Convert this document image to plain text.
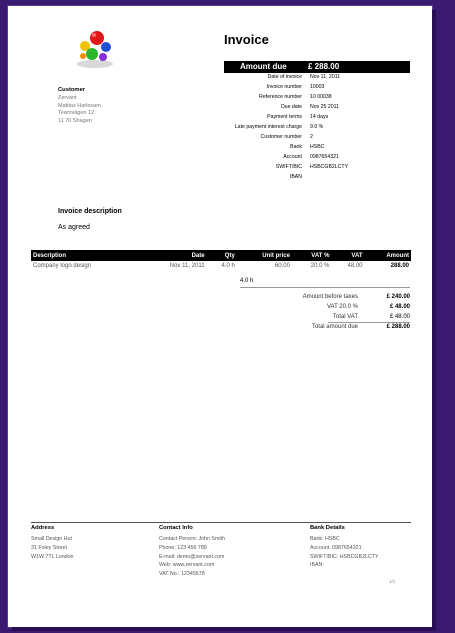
Invoice
Amount due	£ 288.00
Date of invoice Nov 11, 2011
Invoice number 10003
Reference number 10 00038
Due date Nov 25 2011
Payment terms 14 days
Late payment interest charge 9.0 %
Customer number 2
Bank HSBC
Account 0987654321
SWIFT/BIC HSBCGB2LCTY
IBAN
Customer
Zervant
Mattias Harlesam
Teamvägen 12
11 70 Shagen
Invoice description
As agreed
Description	Date	Qty	Unit price	VAT %	VAT	Amount
Company logo design	Nov 11, 2011	4.0 h	60.00	20.0 %	48.00	288.00
4.0 h
Amount before taxes	£ 240.00
VAT 20.0 %	£ 48.00
Total VAT	£ 48.00
Total amount due	£ 288.00
Address
Small Design Hut
31 Foley Street
W1W 7TL London
Contact Info
Contact Person: John Smith
Phone: 123 456 789
E-mail: demo@zervant.com
Web: www.zervant.com
VAT No.: 12345678
Bank Details
Bank: HSBC
Account: 0987654321
SWIFT/BIC: HSBCGB2LCTY
IBAN:
1/1
